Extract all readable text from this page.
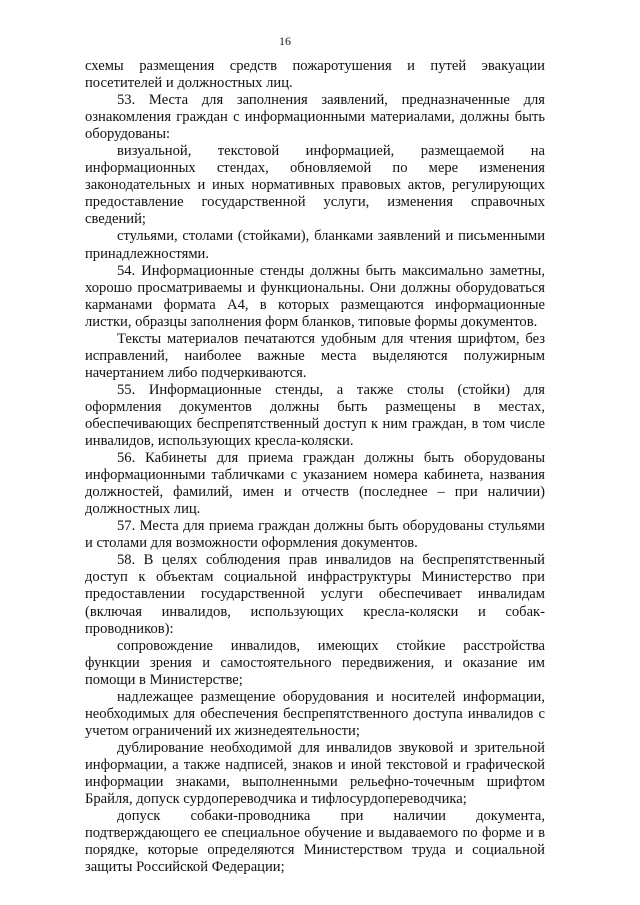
16

схемы размещения средств пожаротушения и путей эвакуации посетителей и должностных лиц.

53. Места для заполнения заявлений, предназначенные для ознакомления граждан с информационными материалами, должны быть оборудованы:

визуальной, текстовой информацией, размещаемой на информационных стендах, обновляемой по мере изменения законодательных и иных нормативных правовых актов, регулирующих предоставление государственной услуги, изменения справочных сведений;

стульями, столами (стойками), бланками заявлений и письменными принадлежностями.

54. Информационные стенды должны быть максимально заметны, хорошо просматриваемы и функциональны. Они должны оборудоваться карманами формата А4, в которых размещаются информационные листки, образцы заполнения форм бланков, типовые формы документов.

Тексты материалов печатаются удобным для чтения шрифтом, без исправлений, наиболее важные места выделяются полужирным начертанием либо подчеркиваются.

55. Информационные стенды, а также столы (стойки) для оформления документов должны быть размещены в местах, обеспечивающих беспрепятственный доступ к ним граждан, в том числе инвалидов, использующих кресла-коляски.

56. Кабинеты для приема граждан должны быть оборудованы информационными табличками с указанием номера кабинета, названия должностей, фамилий, имен и отчеств (последнее – при наличии) должностных лиц.

57. Места для приема граждан должны быть оборудованы стульями и столами для возможности оформления документов.

58. В целях соблюдения прав инвалидов на беспрепятственный доступ к объектам социальной инфраструктуры Министерство при предоставлении государственной услуги обеспечивает инвалидам (включая инвалидов, использующих кресла-коляски и собак-проводников):

сопровождение инвалидов, имеющих стойкие расстройства функции зрения и самостоятельного передвижения, и оказание им помощи в Министерстве;

надлежащее размещение оборудования и носителей информации, необходимых для обеспечения беспрепятственного доступа инвалидов с учетом ограничений их жизнедеятельности;

дублирование необходимой для инвалидов звуковой и зрительной информации, а также надписей, знаков и иной текстовой и графической информации знаками, выполненными рельефно-точечным шрифтом Брайля, допуск сурдопереводчика и тифлосурдопереводчика;

допуск собаки-проводника при наличии документа, подтверждающего ее специальное обучение и выдаваемого по форме и в порядке, которые определяются Министерством труда и социальной защиты Российской Федерации;
